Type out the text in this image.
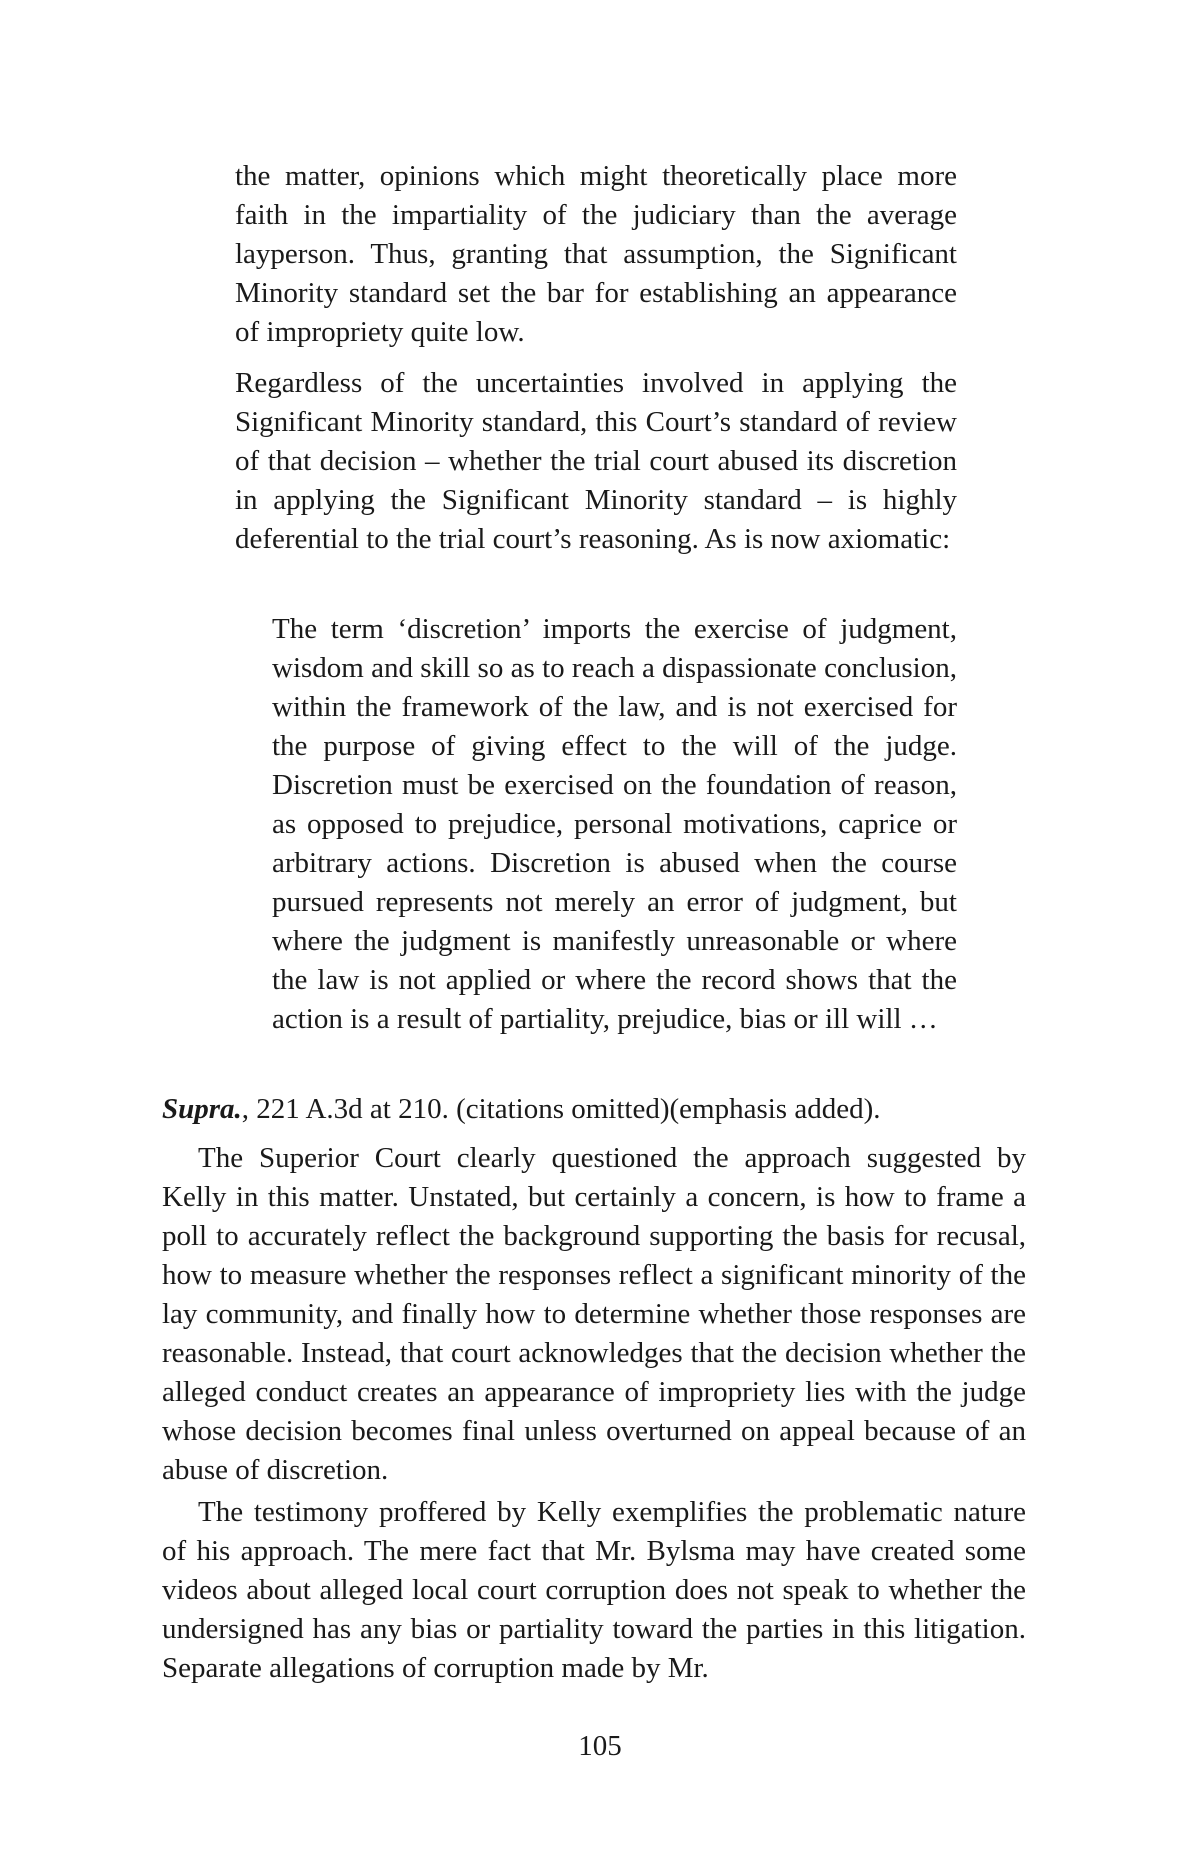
the matter, opinions which might theoretically place more faith in the impartiality of the judiciary than the average layperson. Thus, granting that assumption, the Significant Minority standard set the bar for establishing an appearance of impropriety quite low.

Regardless of the uncertainties involved in applying the Significant Minority standard, this Court’s standard of review of that decision – whether the trial court abused its discretion in applying the Significant Minority standard – is highly deferential to the trial court’s reasoning. As is now axiomatic:

The term ‘discretion’ imports the exercise of judgment, wisdom and skill so as to reach a dispassionate conclusion, within the framework of the law, and is not exercised for the purpose of giving effect to the will of the judge. Discretion must be exercised on the foundation of reason, as opposed to prejudice, personal motivations, caprice or arbitrary actions. Discretion is abused when the course pursued represents not merely an error of judgment, but where the judgment is manifestly unreasonable or where the law is not applied or where the record shows that the action is a result of partiality, prejudice, bias or ill will …

Supra., 221 A.3d at 210. (citations omitted)(emphasis added).

The Superior Court clearly questioned the approach suggested by Kelly in this matter. Unstated, but certainly a concern, is how to frame a poll to accurately reflect the background supporting the basis for recusal, how to measure whether the responses reflect a significant minority of the lay community, and finally how to determine whether those responses are reasonable. Instead, that court acknowledges that the decision whether the alleged conduct creates an appearance of impropriety lies with the judge whose decision becomes final unless overturned on appeal because of an abuse of discretion.

The testimony proffered by Kelly exemplifies the problematic nature of his approach. The mere fact that Mr. Bylsma may have created some videos about alleged local court corruption does not speak to whether the undersigned has any bias or partiality toward the parties in this litigation. Separate allegations of corruption made by Mr.

105
